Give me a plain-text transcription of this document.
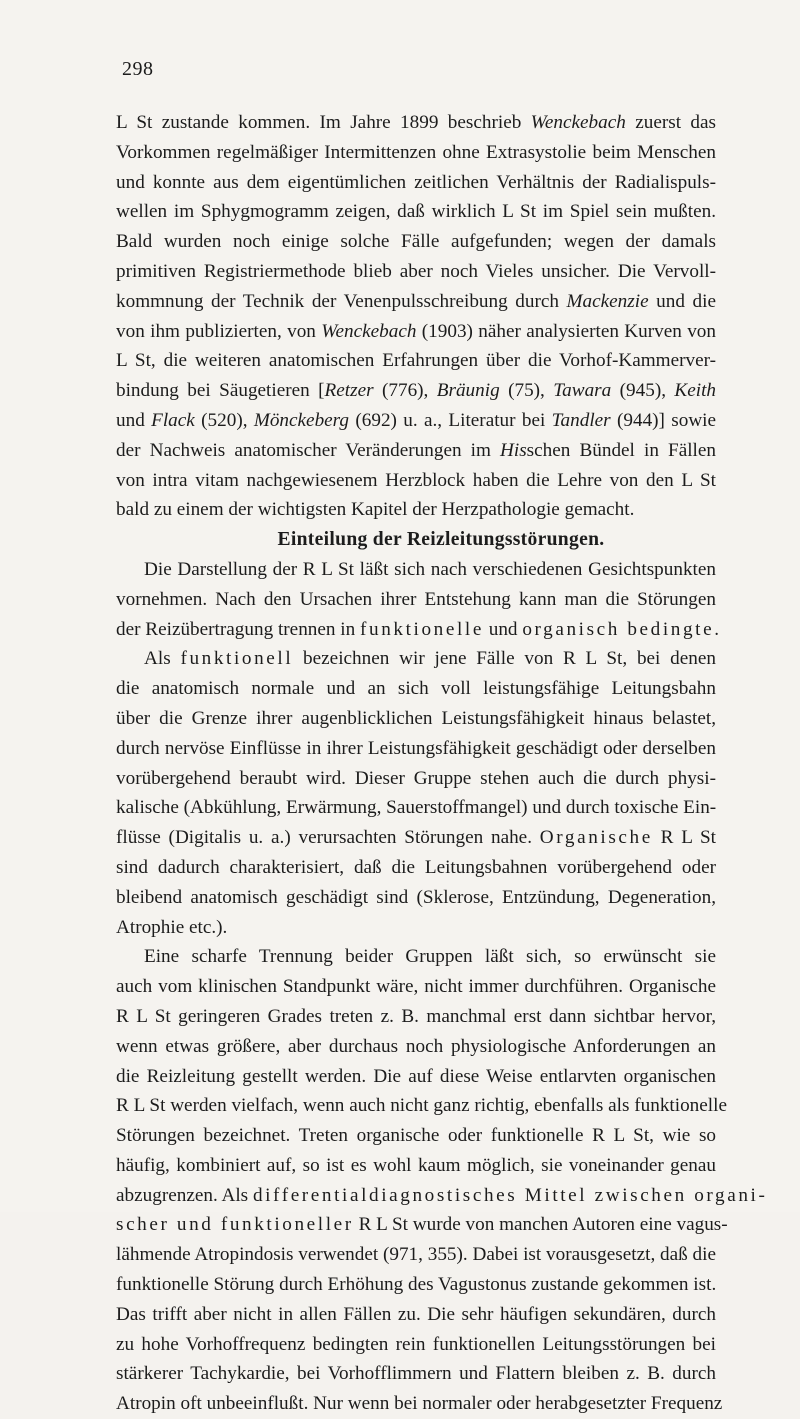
298
L St zustande kommen. Im Jahre 1899 beschrieb Wenckebach zuerst das
Vorkommen regelmäßiger Intermittenzen ohne Extrasystolie beim Menschen
und konnte aus dem eigentümlichen zeitlichen Verhältnis der Radialispuls-
wellen im Sphygmogramm zeigen, daß wirklich L St im Spiel sein mußten.
Bald wurden noch einige solche Fälle aufgefunden; wegen der damals
primitiven Registriermethode blieb aber noch Vieles unsicher. Die Vervoll-
kommnung der Technik der Venenpulsschreibung durch Mackenzie und die
von ihm publizierten, von Wenckebach (1903) näher analysierten Kurven von
L St, die weiteren anatomischen Erfahrungen über die Vorhof-Kammerver-
bindung bei Säugetieren [Retzer (776), Bräunig (75), Tawara (945), Keith
und Flack (520), Mönckeberg (692) u. a., Literatur bei Tandler (944)] sowie
der Nachweis anatomischer Veränderungen im Hisschen Bündel in Fällen
von intra vitam nachgewiesenem Herzblock haben die Lehre von den L St
bald zu einem der wichtigsten Kapitel der Herzpathologie gemacht.
Einteilung der Reizleitungsstörungen.
Die Darstellung der R L St läßt sich nach verschiedenen Gesichtspunkten
vornehmen. Nach den Ursachen ihrer Entstehung kann man die Störungen
der Reizübertragung trennen in funktionelle und organisch bedingte.
Als funktionell bezeichnen wir jene Fälle von R L St, bei denen
die anatomisch normale und an sich voll leistungsfähige Leitungsbahn
über die Grenze ihrer augenblicklichen Leistungsfähigkeit hinaus belastet,
durch nervöse Einflüsse in ihrer Leistungsfähigkeit geschädigt oder derselben
vorübergehend beraubt wird. Dieser Gruppe stehen auch die durch physi-
kalische (Abkühlung, Erwärmung, Sauerstoffmangel) und durch toxische Ein-
flüsse (Digitalis u. a.) verursachten Störungen nahe. Organische R L St
sind dadurch charakterisiert, daß die Leitungsbahnen vorübergehend oder
bleibend anatomisch geschädigt sind (Sklerose, Entzündung, Degeneration,
Atrophie etc.).
Eine scharfe Trennung beider Gruppen läßt sich, so erwünscht sie
auch vom klinischen Standpunkt wäre, nicht immer durchführen. Organische
R L St geringeren Grades treten z. B. manchmal erst dann sichtbar hervor,
wenn etwas größere, aber durchaus noch physiologische Anforderungen an
die Reizleitung gestellt werden. Die auf diese Weise entlarvten organischen
R L St werden vielfach, wenn auch nicht ganz richtig, ebenfalls als funktionelle
Störungen bezeichnet. Treten organische oder funktionelle R L St, wie so
häufig, kombiniert auf, so ist es wohl kaum möglich, sie voneinander genau
abzugrenzen. Als differentialdiagnostisches Mittel zwischen organi-
scher und funktioneller R L St wurde von manchen Autoren eine vagus-
lähmende Atropindosis verwendet (971, 355). Dabei ist vorausgesetzt, daß die
funktionelle Störung durch Erhöhung des Vagustonus zustande gekommen ist.
Das trifft aber nicht in allen Fällen zu. Die sehr häufigen sekundären, durch
zu hohe Vorhoffrequenz bedingten rein funktionellen Leitungsstörungen bei
stärkerer Tachykardie, bei Vorhofflimmern und Flattern bleiben z. B. durch
Atropin oft unbeeinflußt. Nur wenn bei normaler oder herabgesetzter Frequenz
